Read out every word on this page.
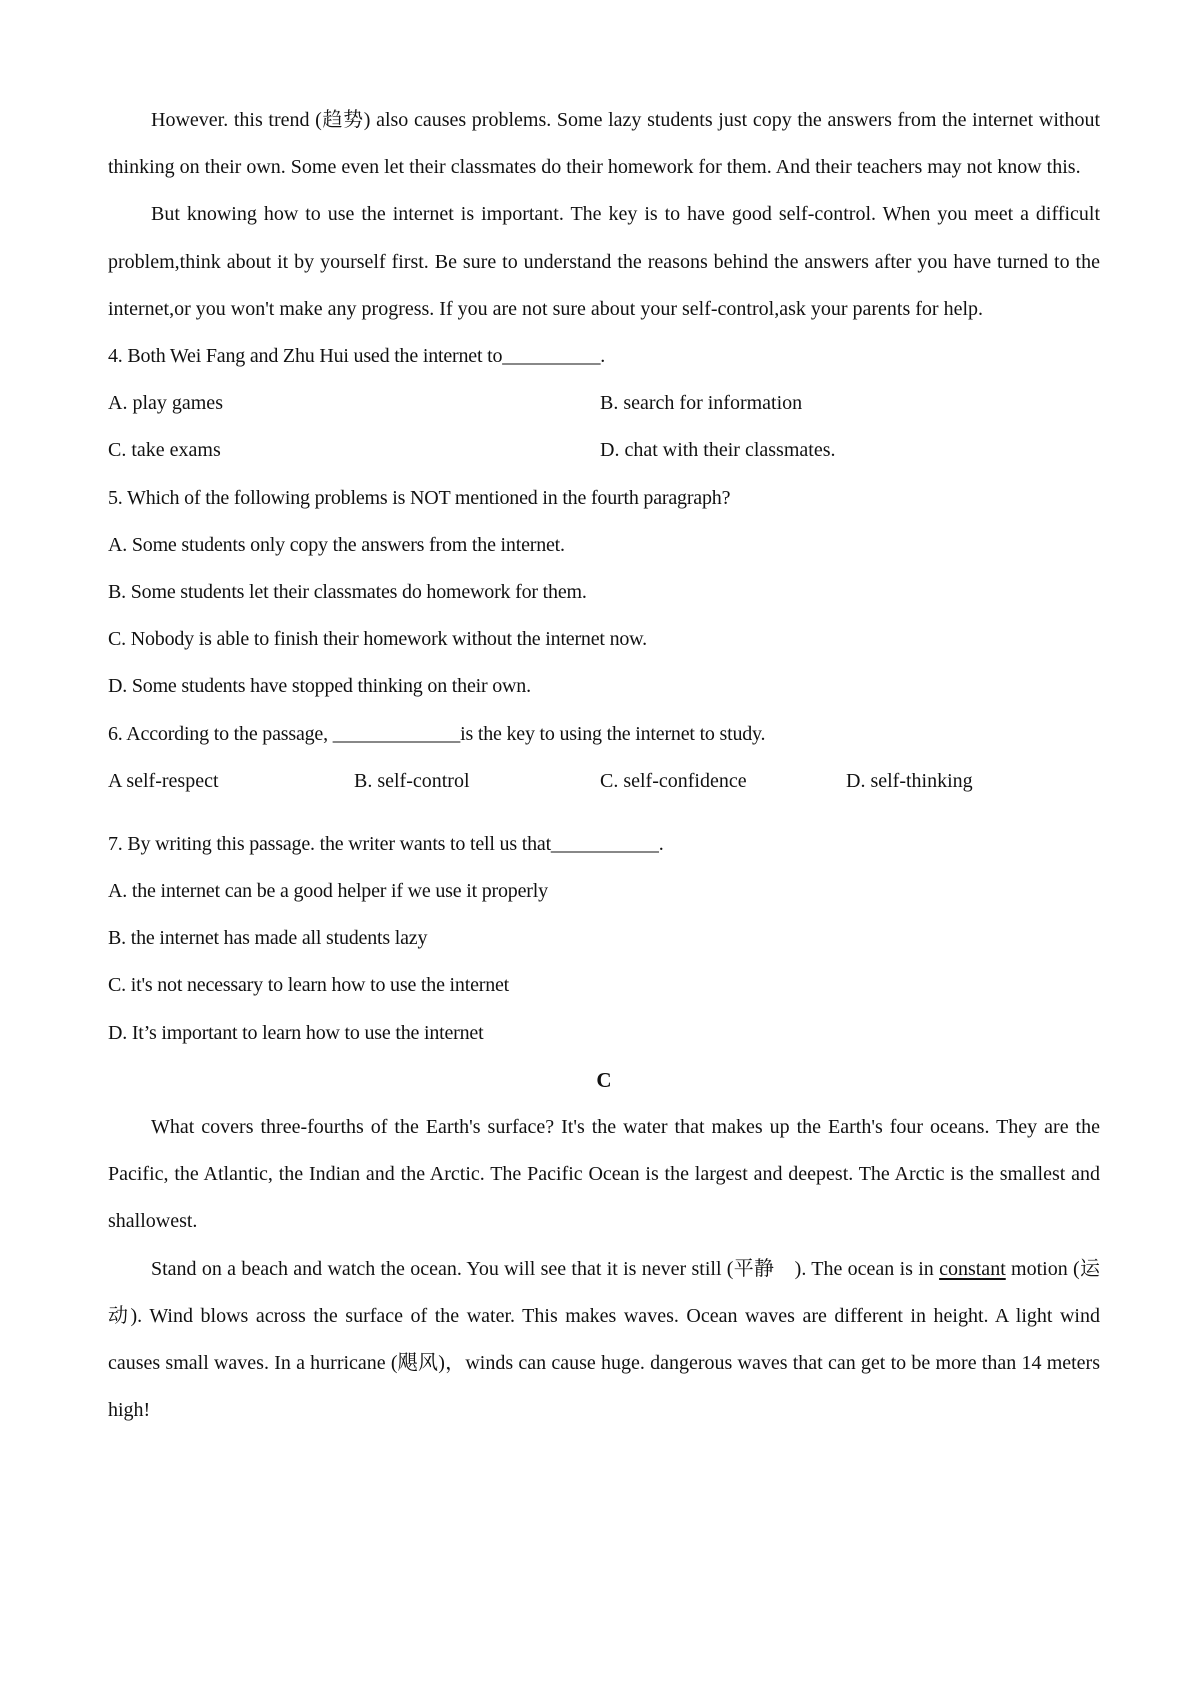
However. this trend (趋势) also causes problems. Some lazy students just copy the answers from the internet without thinking on their own. Some even let their classmates do their homework for them. And their teachers may not know this.

But knowing how to use the internet is important. The key is to have good self-control. When you meet a difficult problem,think about it by yourself first. Be sure to understand the reasons behind the answers after you have turned to the internet,or you won't make any progress. If you are not sure about your self-control,ask your parents for help.

4. Both Wei Fang and Zhu Hui used the internet to__________.
A. play games	B. search for information
C. take exams	D. chat with their classmates.
5. Which of the following problems is NOT mentioned in the fourth paragraph?
A. Some students only copy the answers from the internet.
B. Some students let their classmates do homework for them.
C. Nobody is able to finish their homework without the internet now.
D. Some students have stopped thinking on their own.
6. According to the passage, _____________is the key to using the internet to study.
A self-respect	B. self-control	C. self-confidence	D. self-thinking
7. By writing this passage. the writer wants to tell us that___________.
A. the internet can be a good helper if we use it properly
B. the internet has made all students lazy
C. it's not necessary to learn how to use the internet
D. It’s important to learn how to use the internet
C

What covers three-fourths of the Earth's surface? It's the water that makes up the Earth's four oceans. They are the Pacific, the Atlantic, the Indian and the Arctic. The Pacific Ocean is the largest and deepest. The Arctic is the smallest and shallowest.

Stand on a beach and watch the ocean. You will see that it is never still (平静　). The ocean is in constant motion (运动). Wind blows across the surface of the water. This makes waves. Ocean waves are different in height. A light wind causes small waves. In a hurricane (飓风)，winds can cause huge. dangerous waves that can get to be more than 14 meters high!
